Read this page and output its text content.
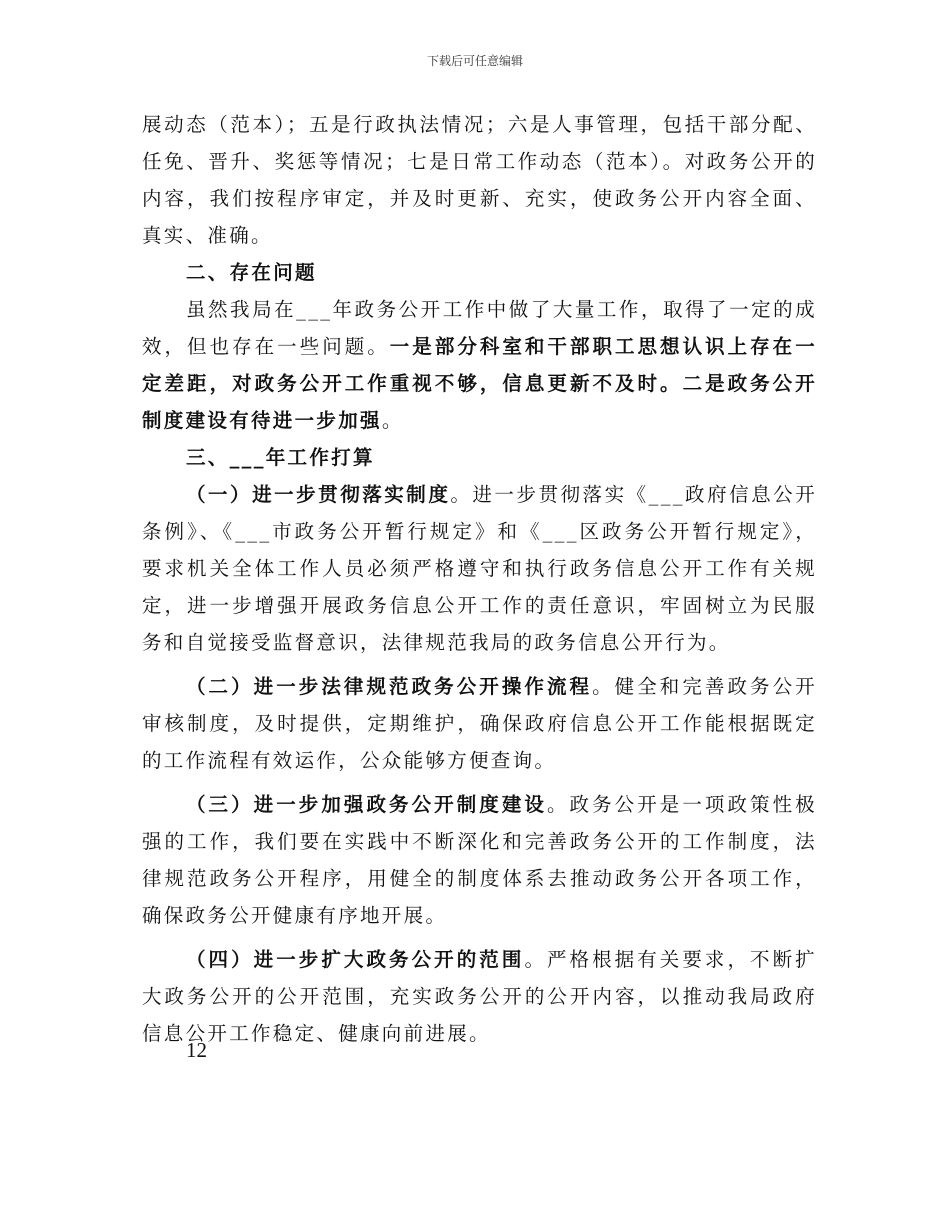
下载后可任意编辑

展动态（范本）；五是行政执法情况；六是人事管理，包括干部分配、任免、晋升、奖惩等情况；七是日常工作动态（范本）。对政务公开的内容，我们按程序审定，并及时更新、充实，使政务公开内容全面、真实、准确。

二、存在问题

虽然我局在___年政务公开工作中做了大量工作，取得了一定的成效，但也存在一些问题。一是部分科室和干部职工思想认识上存在一定差距，对政务公开工作重视不够，信息更新不及时。二是政务公开制度建设有待进一步加强。

三、___年工作打算

（一）进一步贯彻落实制度。进一步贯彻落实《___政府信息公开条例》、《___市政务公开暂行规定》和《___区政务公开暂行规定》，要求机关全体工作人员必须严格遵守和执行政务信息公开工作有关规定，进一步增强开展政务信息公开工作的责任意识，牢固树立为民服务和自觉接受监督意识，法律规范我局的政务信息公开行为。

（二）进一步法律规范政务公开操作流程。健全和完善政务公开审核制度，及时提供，定期维护，确保政府信息公开工作能根据既定的工作流程有效运作，公众能够方便查询。

（三）进一步加强政务公开制度建设。政务公开是一项政策性极强的工作，我们要在实践中不断深化和完善政务公开的工作制度，法律规范政务公开程序，用健全的制度体系去推动政务公开各项工作，确保政务公开健康有序地开展。

（四）进一步扩大政务公开的范围。严格根据有关要求，不断扩大政务公开的公开范围，充实政务公开的公开内容，以推动我局政府信息公开工作稳定、健康向前进展。

12
